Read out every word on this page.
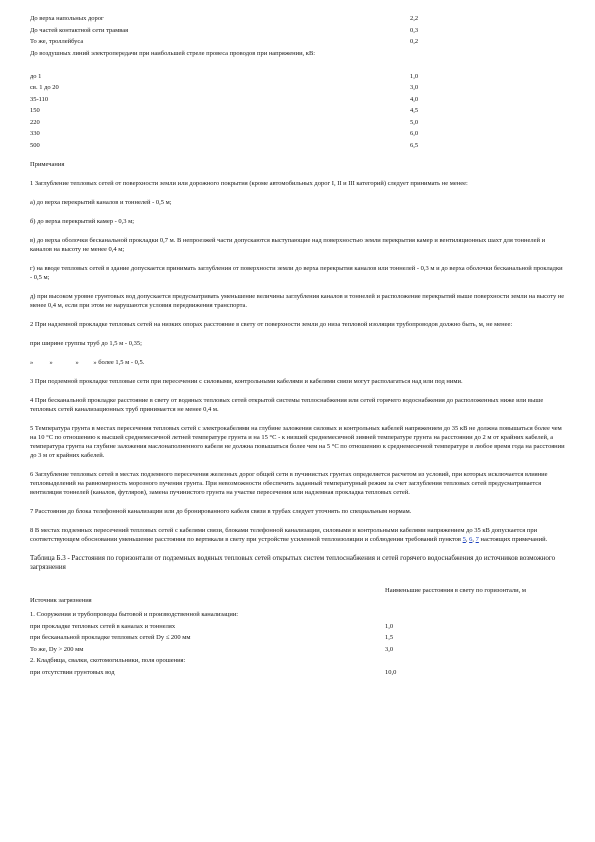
До верха напольных дорог	2,2
До частей контактной сети трамвая	0,3
То же, троллейбуса	0,2
До воздушных линий электропередачи при наибольшей стреле провеса проводов при напряжении, кВ:
до 1	1,0
св. 1 до 20	3,0
35-110	4,0
150	4,5
220	5,0
330	6,0
500	6,5
Примечания

1 Заглубление тепловых сетей от поверхности земли или дорожного покрытия (кроме автомобильных дорог I, II и III категорий) следует принимать не менее:

а) до верха перекрытий каналов и тоннелей - 0,5 м;

б) до верха перекрытий камер - 0,3 м;

в) до верха оболочки бесканальной прокладки 0,7 м. В непроезжей части допускаются выступающие над поверхностью земли перекрытия камер и вентиляционных шахт для тоннелей и каналов на высоту не менее 0,4 м;

г) на вводе тепловых сетей в здание допускается принимать заглубления от поверхности земли до верха перекрытия каналов или тоннелей - 0,3 м и до верха оболочки бесканальной прокладки - 0,5 м;

д) при высоком уровне грунтовых вод допускается предусматривать уменьшение величины заглубления каналов и тоннелей и расположение перекрытий выше поверхности земли на высоту не менее 0,4 м, если при этом не нарушаются условия передвижения транспорта.

2 При надземной прокладке тепловых сетей на низких опорах расстояние в свету от поверхности земли до низа тепловой изоляции трубопроводов должно быть, м, не менее:

при ширине группы труб до 1,5 м - 0,35;

»          »              »         » более 1,5 м - 0,5.

3 При подземной прокладке тепловые сети при пересечении с силовыми, контрольными кабелями и кабелями связи могут располагаться над или под ними.

4 При бесканальной прокладке расстояние в свету от водяных тепловых сетей открытой системы теплоснабжения или сетей горячего водоснабжения до расположенных ниже или выше тепловых сетей канализационных труб принимается не менее 0,4 м.

5 Температура грунта в местах пересечения тепловых сетей с электрокабелями на глубине заложения силовых и контрольных кабелей напряжением до 35 кВ не должна повышаться более чем на 10 °С по отношению к высшей среднемесячной летней температуре грунта и на 15 °С - к низшей среднемесячной зимней температуре грунта на расстоянии до 2 м от крайних кабелей, а температура грунта на глубине заложения маслонаполненного кабеля не должна повышаться более чем на 5 °С по отношению к среднемесячной температуре в любое время года на расстоянии до 3 м от крайних кабелей.

6 Заглубление тепловых сетей в местах подземного пересечения железных дорог общей сети в пучинистых грунтах определяется расчетом из условий, при которых исключается влияние тепловыделений на равномерность морозного пучения грунта. При невозможности обеспечить заданный температурный режим за счет заглубления тепловых сетей предусматривается вентиляция тоннелей (каналов, футляров), замена пучинистого грунта на участке пересечения или надземная прокладка тепловых сетей.

7 Расстояния до блока телефонной канализации или до бронированного кабеля связи в трубах следует уточнять по специальным нормам.

8 В местах подземных пересечений тепловых сетей с кабелями связи, блоками телефонной канализации, силовыми и контрольными кабелями напряжением до 35 кВ допускается при соответствующем обосновании уменьшение расстояния по вертикали в свету при устройстве усиленной теплоизоляции и соблюдении требований пунктов 5, 6, 7 настоящих примечаний.

Таблица Б.3 - Расстояния по горизонтали от подземных водяных тепловых сетей открытых систем теплоснабжения и сетей горячего водоснабжения до источников возможного загрязнения
Источник загрязнения
Наименьшие расстояния в свету по горизонтали, м
1. Сооружения и трубопроводы бытовой и производственной канализации:
при прокладке тепловых сетей в каналах и тоннелях	1,0
при бесканальной прокладке тепловых сетей Dy ≤ 200 мм	1,5
То же, Dy > 200 мм	3,0
2. Кладбища, свалки, скотомогильники, поля орошения:
при отсутствии грунтовых вод	10,0
